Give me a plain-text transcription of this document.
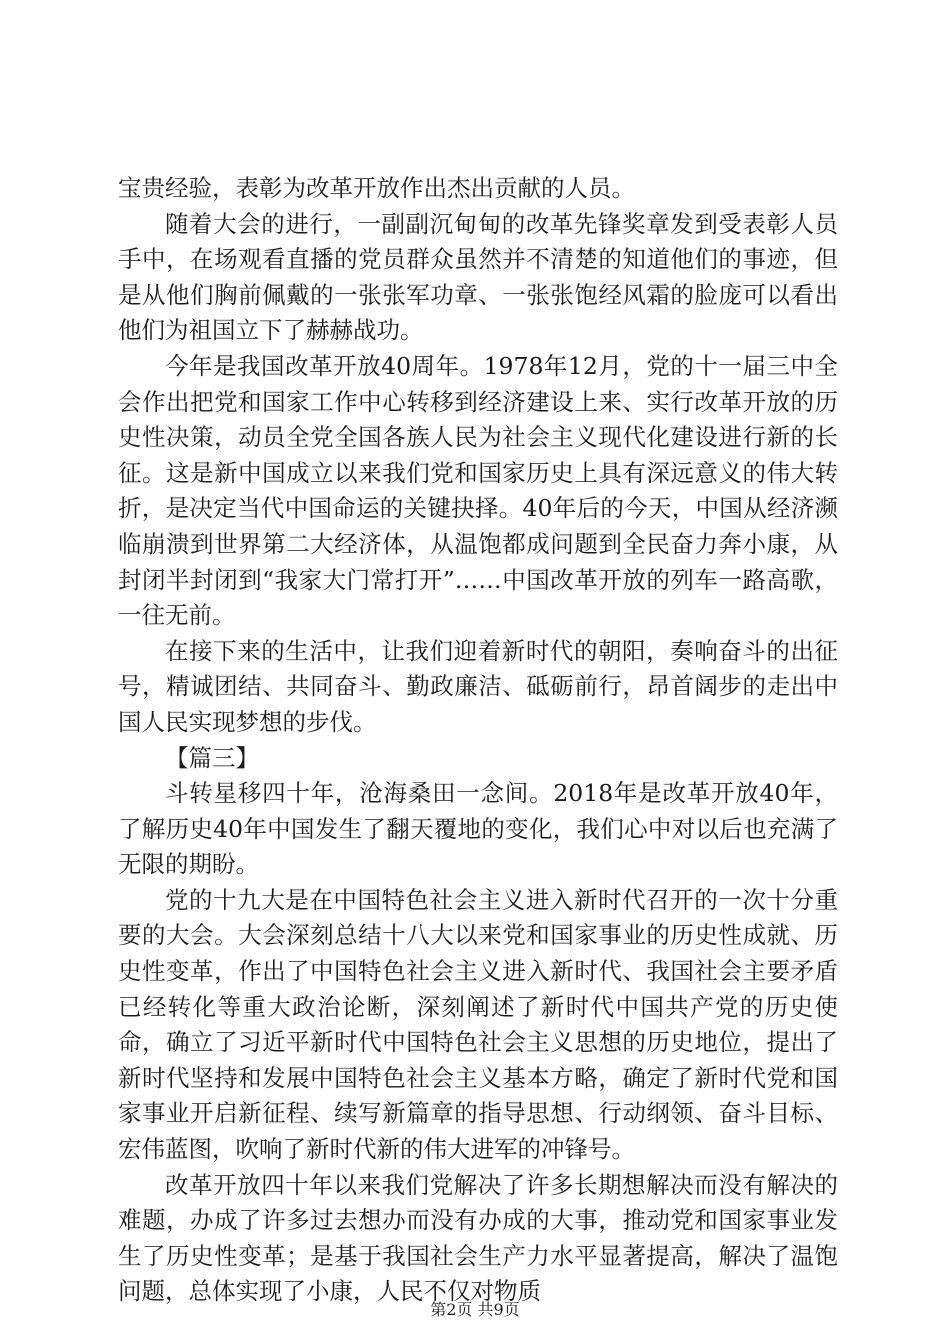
宝贵经验，表彰为改革开放作出杰出贡献的人员。

随着大会的进行，一副副沉甸甸的改革先锋奖章发到受表彰人员手中，在场观看直播的党员群众虽然并不清楚的知道他们的事迹，但是从他们胸前佩戴的一张张军功章、一张张饱经风霜的脸庞可以看出他们为祖国立下了赫赫战功。

今年是我国改革开放40周年。1978年12月，党的十一届三中全会作出把党和国家工作中心转移到经济建设上来、实行改革开放的历史性决策，动员全党全国各族人民为社会主义现代化建设进行新的长征。这是新中国成立以来我们党和国家历史上具有深远意义的伟大转折，是决定当代中国命运的关键抉择。40年后的今天，中国从经济濒临崩溃到世界第二大经济体，从温饱都成问题到全民奋力奔小康，从封闭半封闭到“我家大门常打开”……中国改革开放的列车一路高歌，一往无前。

在接下来的生活中，让我们迎着新时代的朝阳，奏响奋斗的出征号，精诚团结、共同奋斗、勤政廉洁、砥砺前行，昂首阔步的走出中国人民实现梦想的步伐。

【篇三】

斗转星移四十年，沧海桑田一念间。2018年是改革开放40年，了解历史40年中国发生了翻天覆地的变化，我们心中对以后也充满了无限的期盼。

党的十九大是在中国特色社会主义进入新时代召开的一次十分重要的大会。大会深刻总结十八大以来党和国家事业的历史性成就、历史性变革，作出了中国特色社会主义进入新时代、我国社会主要矛盾已经转化等重大政治论断，深刻阐述了新时代中国共产党的历史使命，确立了习近平新时代中国特色社会主义思想的历史地位，提出了新时代坚持和发展中国特色社会主义基本方略，确定了新时代党和国家事业开启新征程、续写新篇章的指导思想、行动纲领、奋斗目标、宏伟蓝图，吹响了新时代新的伟大进军的冲锋号。

改革开放四十年以来我们党解决了许多长期想解决而没有解决的难题，办成了许多过去想办而没有办成的大事，推动党和国家事业发生了历史性变革；是基于我国社会生产力水平显著提高，解决了温饱问题，总体实现了小康，人民不仅对物质

第2页 共9页
